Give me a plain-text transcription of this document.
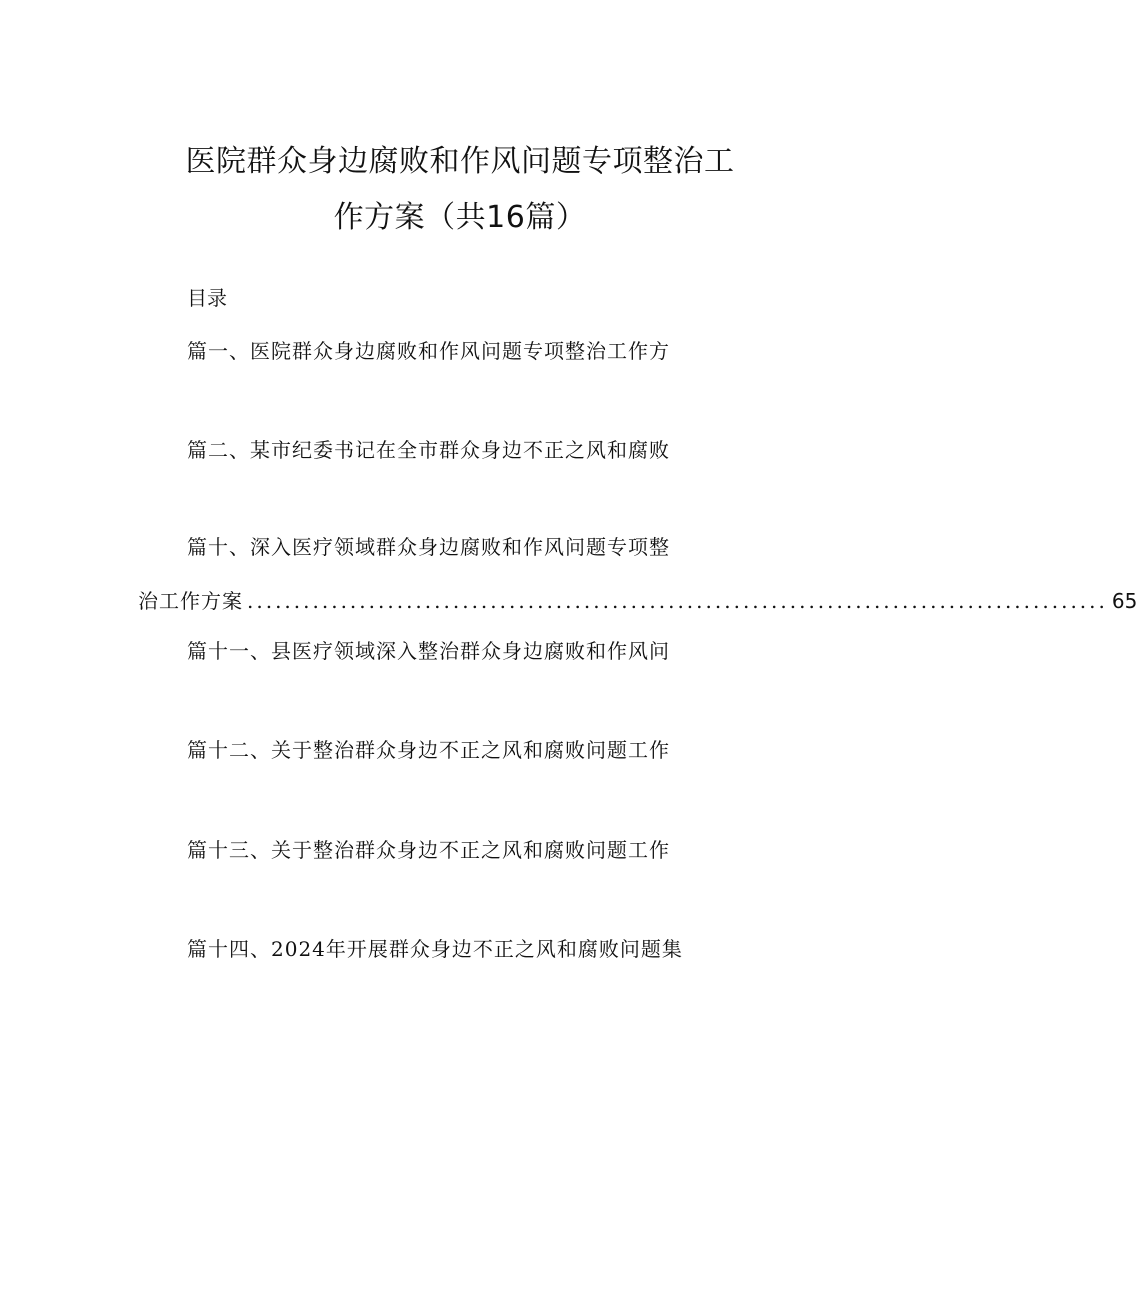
医院群众身边腐败和作风问题专项整治工
作方案（共16篇）
目录
篇一、医院群众身边腐败和作风问题专项整治工作方
篇二、某市纪委书记在全市群众身边不正之风和腐败
篇十、深入医疗领域群众身边腐败和作风问题专项整
治工作方案 ............................................................................................ 65
篇十一、县医疗领域深入整治群众身边腐败和作风问
篇十二、关于整治群众身边不正之风和腐败问题工作
篇十三、关于整治群众身边不正之风和腐败问题工作
篇十四、2024年开展群众身边不正之风和腐败问题集
